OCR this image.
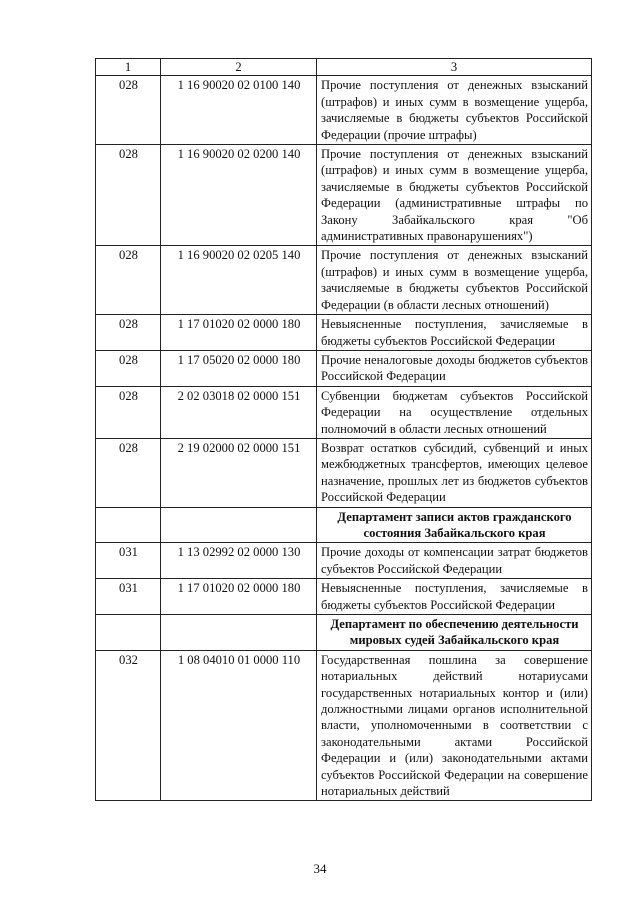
1	2	3
028	1 16 90020 02 0100 140	Прочие поступления от денежных взысканий (штрафов) и иных сумм в возмещение ущерба, зачисляемые в бюджеты субъектов Российской Федерации (прочие штрафы)
028	1 16 90020 02 0200 140	Прочие поступления от денежных взысканий (штрафов) и иных сумм в возмещение ущерба, зачисляемые в бюджеты субъектов Российской Федерации (административные штрафы по Закону Забайкальского края "Об административных правонарушениях")
028	1 16 90020 02 0205 140	Прочие поступления от денежных взысканий (штрафов) и иных сумм в возмещение ущерба, зачисляемые в бюджеты субъектов Российской Федерации (в области лесных отношений)
028	1 17 01020 02 0000 180	Невыясненные поступления, зачисляемые в бюджеты субъектов Российской Федерации
028	1 17 05020 02 0000 180	Прочие неналоговые доходы бюджетов субъектов Российской Федерации
028	2 02 03018 02 0000 151	Субвенции бюджетам субъектов Российской Федерации на осуществление отдельных полномочий в области лесных отношений
028	2 19 02000 02 0000 151	Возврат остатков субсидий, субвенций и иных межбюджетных трансфертов, имеющих целевое назначение, прошлых лет из бюджетов субъектов Российской Федерации
		Департамент записи актов гражданского состояния Забайкальского края
031	1 13 02992 02 0000 130	Прочие доходы от компенсации затрат бюджетов субъектов Российской Федерации
031	1 17 01020 02 0000 180	Невыясненные поступления, зачисляемые в бюджеты субъектов Российской Федерации
		Департамент по обеспечению деятельности мировых судей Забайкальского края
032	1 08 04010 01 0000 110	Государственная пошлина за совершение нотариальных действий нотариусами государственных нотариальных контор и (или) должностными лицами органов исполнительной власти, уполномоченными в соответствии с законодательными актами Российской Федерации и (или) законодательными актами субъектов Российской Федерации на совершение нотариальных действий
34
